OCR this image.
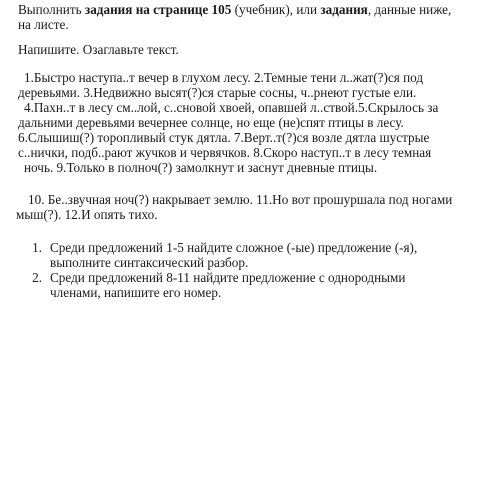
Выполнить задания на странице 105 (учебник), или задания, данные ниже,
на листе.
Напишите. Озаглавьте текст.
1.Быстро наступа..т вечер в глухом лесу. 2.Темные тени л..жат(?)ся под
деревьями. 3.Недвижно высят(?)ся старые сосны, ч..рнеют густые ели.
4.Пахн..т в лесу см..лой, с..сновой хвоей, опавшей л..ствой.5.Скрылось за
дальними деревьями вечернее солнце, но еще (не)спят птицы в лесу.
6.Слышиш(?) торопливый стук дятла. 7.Верт..т(?)ся возле дятла шустрые
с..нички, подб..рают жучков и червячков. 8.Скоро наступ..т в лесу темная
ночь. 9.Только в полноч(?) замолкнут и заснут дневные птицы.
10. Бе..звучная ноч(?) накрывает землю. 11.Но вот прошуршала под ногами
мыш(?). 12.И опять тихо.
1. Среди предложений 1-5 найдите сложное (-ые) предложение (-я),
выполните синтаксический разбор.
2. Среди предложений 8-11 найдите предложение с однородными
членами, напишите его номер.
